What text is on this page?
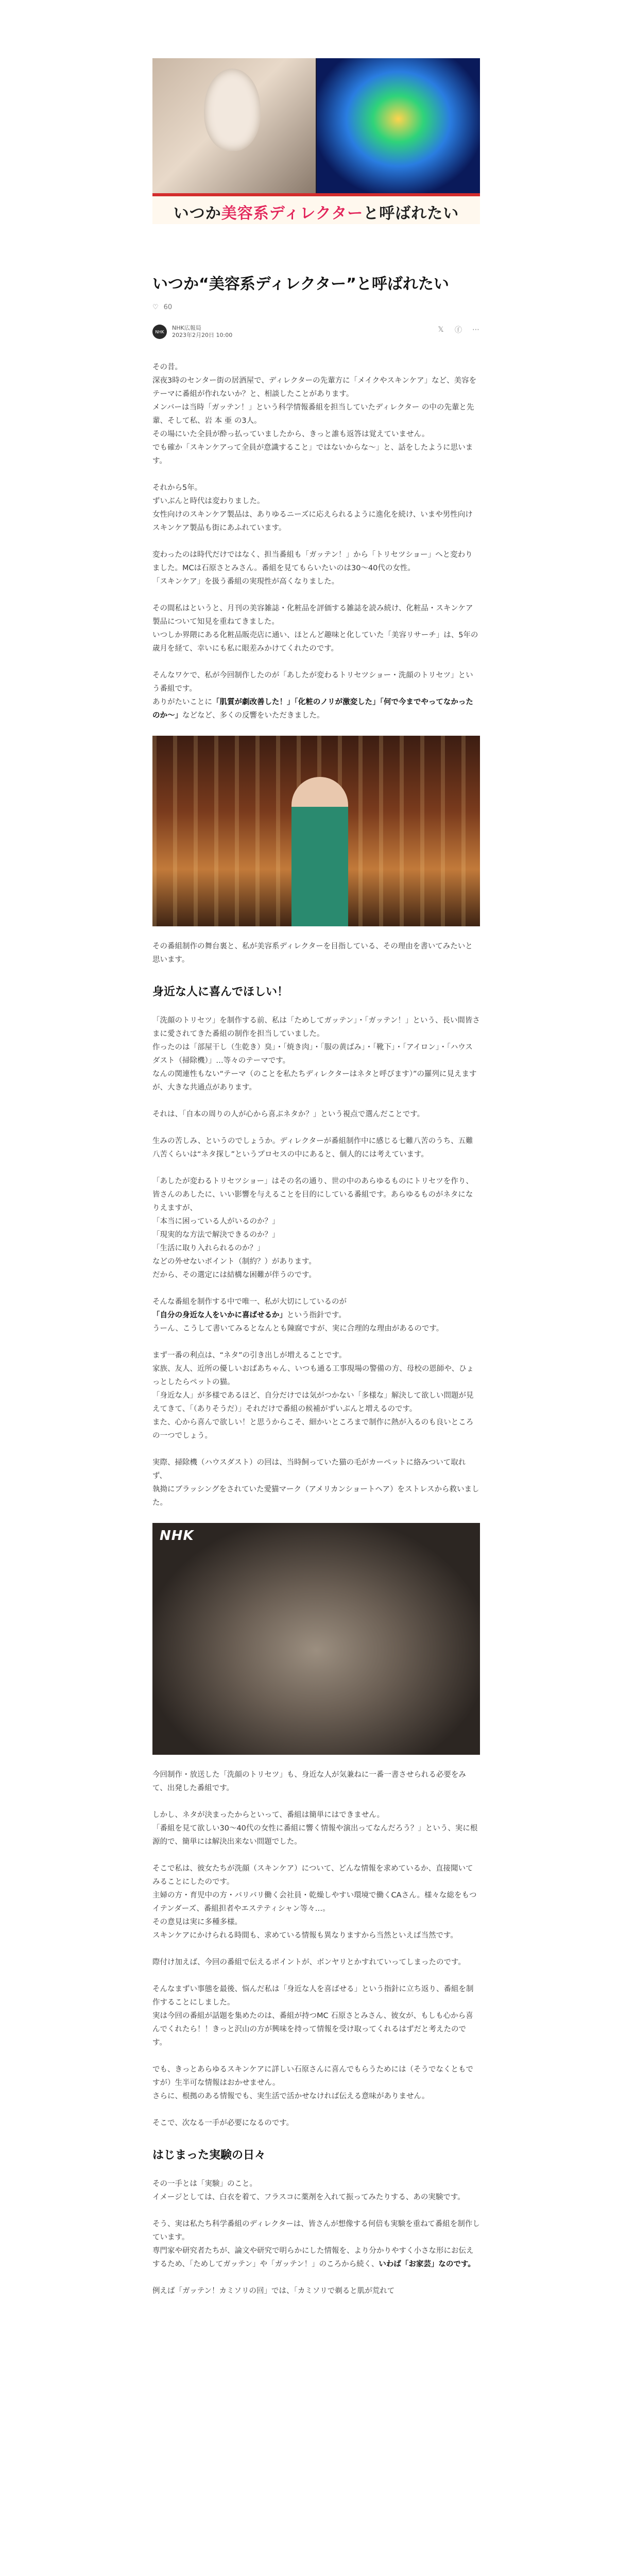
いつか美容系ディレクターと呼ばれたい
いつか“美容系ディレクター”と呼ばれたい
♡ 60
NHK
NHK広報局
2023年2月20日 10:00
𝕏 ⓕ ⋯

その昔。
深夜3時のセンター街の居酒屋で、ディレクターの先輩方に「メイクやスキンケア」など、美容をテーマに番組が作れないか？と、相談したことがあります。
メンバーは当時「ガッテン！」という科学情報番組を担当していたディレクター の中の先輩と先輩、そして私、岩 本 亜 の3人。
その場にいた全員が酔っ払っていましたから、きっと誰も返答は覚えていません。
でも確か「スキンケアって全員が意識すること」ではないからな～」と、話をしたように思います。

それから5年。
ずいぶんと時代は変わりました。
女性向けのスキンケア製品は、ありゆるニーズに応えられるように進化を続け、いまや男性向けスキンケア製品も街にあふれています。

変わったのは時代だけではなく、担当番組も「ガッテン！」から「トリセツショー」へと変わりました。MCは石原さとみさん。番組を見てもらいたいのは30～40代の女性。
「スキンケア」を扱う番組の実現性が高くなりました。

その間私はというと、月刊の美容雑誌・化粧品を評価する雑誌を読み続け、化粧品・スキンケア製品について知見を重ねてきました。
いつしか界隈にある化粧品販売店に通い、ほとんど趣味と化していた「美容リサーチ」は、5年の歳月を経て、幸いにも私に眼差みかけてくれたのです。

そんなワケで、私が今回制作したのが「あしたが変わるトリセツショー・洗顔のトリセツ」という番組です。
ありがたいことに「肌質が劇改善した！」「化粧のノリが激変した」「何で今までやってなかったのか～」などなど、多くの反響をいただきました。

その番組制作の舞台裏と、私が美容系ディレクターを目指している、その理由を書いてみたいと思います。

身近な人に喜んでほしい！

「洗顔のトリセツ」を制作する前、私は「ためしてガッテン」・「ガッテン！」という、長い間皆さまに愛されてきた番組の制作を担当していました。
作ったのは「部屋干し（生乾き）臭」・「焼き肉」・「服の黄ばみ」・「靴下」・「アイロン」・「ハウスダスト（掃除機）」…等々のテーマです。
なんの関連性もない“テーマ（のことを私たちディレクターはネタと呼びます）”の羅列に見えますが、大きな共通点があります。

それは、「自本の周りの人が心から喜ぶネタか？」という視点で選んだことです。

生みの苦しみ、というのでしょうか。ディレクターが番組制作中に感じる七難八苦のうち、五難八苦くらいは“ネタ探し”というプロセスの中にあると、個人的には考えています。

「あしたが変わるトリセツショー」はその名の通り、世の中のあらゆるものにトリセツを作り、皆さんのあしたに、いい影響を与えることを目的にしている番組です。あらゆるものがネタになりえますが、
「本当に困っている人がいるのか？」
「現実的な方法で解決できるのか？」
「生活に取り入れられるのか？」
などの外せないポイント（制約？）があります。
だから、その選定には結構な困難が伴うのです。

そんな番組を制作する中で唯一、私が大切にしているのが「自分の身近な人をいかに喜ばせるか」という指針です。
うーん、こうして書いてみるとなんとも陳腐ですが、実に合理的な理由があるのです。

まず一番の利点は、“ネタ”の引き出しが増えることです。
家族、友人、近所の優しいおばあちゃん、いつも通る工事現場の警備の方、母校の恩師や、ひょっとしたらペットの猫。
「身近な人」が多様であるほど、自分だけでは気がつかない「多様な」解決して欲しい問題が見えてきて、「（ありそうだ）」それだけで番組の候補がずいぶんと増えるのです。
また、心から喜んで欲しい！と思うからこそ、細かいところまで制作に熱が入るのも良いところの一つでしょう。

実際、掃除機（ハウスダスト）の回は、当時飼っていた猫の毛がカーペットに絡みついて取れず、
執拗にブラッシングをされていた愛猫マーク（アメリカンショートヘア）をストレスから救いました。

NHK

今回制作・放送した「洗顔のトリセツ」も、身近な人が気兼ねに一番一書させられる必要をみて、出発した番組です。

しかし、ネタが決まったからといって、番組は簡単にはできません。
「番組を見て欲しい30～40代の女性に番組に響く情報や演出ってなんだろう？」という、実に根源的で、簡単には解決出来ない問題でした。

そこで私は、彼女たちが洗顔（スキンケア）について、どんな情報を求めているか、直接聞いてみることにしたのです。
主婦の方・育児中の方・バリバリ働く会社員・乾燥しやすい環境で働くCAさん。様々な総をもつイテンダーズ、番組担者やエステティシャン等々…。
その意見は実に多種多様。
スキンケアにかけられる時間も、求めている情報も異なりますから当然といえば当然です。

際付け加えば、今回の番組で伝えるポイントが、ボンヤリとかすれていってしまったのです。

そんなまずい事態を最後、悩んだ私は「身近な人を喜ばせる」という指針に立ち返り、番組を制作することにしました。
実は今回の番組が話題を集めたのは、番組が持つMC 石原さとみさん、彼女が、もしも心から喜んでくれたら！！きっと沢山の方が興味を持って情報を受け取ってくれるはずだと考えたのです。

でも、きっとあらゆるスキンケアに詳しい石原さんに喜んでもらうためには（そうでなくともですが）生半可な情報はおかせません。
さらに、根拠のある情報でも、実生活で活かせなければ伝える意味がありません。

そこで、次なる一手が必要になるのです。

はじまった実験の日々

その一手とは「実験」のこと。
イメージとしては、白衣を着て、フラスコに薬剤を入れて振ってみたりする、あの実験です。

そう、実は私たち科学番組のディレクターは、皆さんが想像する何倍も実験を重ねて番組を制作しています。
専門家や研究者たちが、論文や研究で明らかにした情報を、より分かりやすく小さな形にお伝えするため、「ためしてガッテン」や「ガッテン！」のころから続く、いわば「お家芸」なのです。

例えば「ガッテン！カミソリの回」では、「カミソリで剃ると肌が荒れて
